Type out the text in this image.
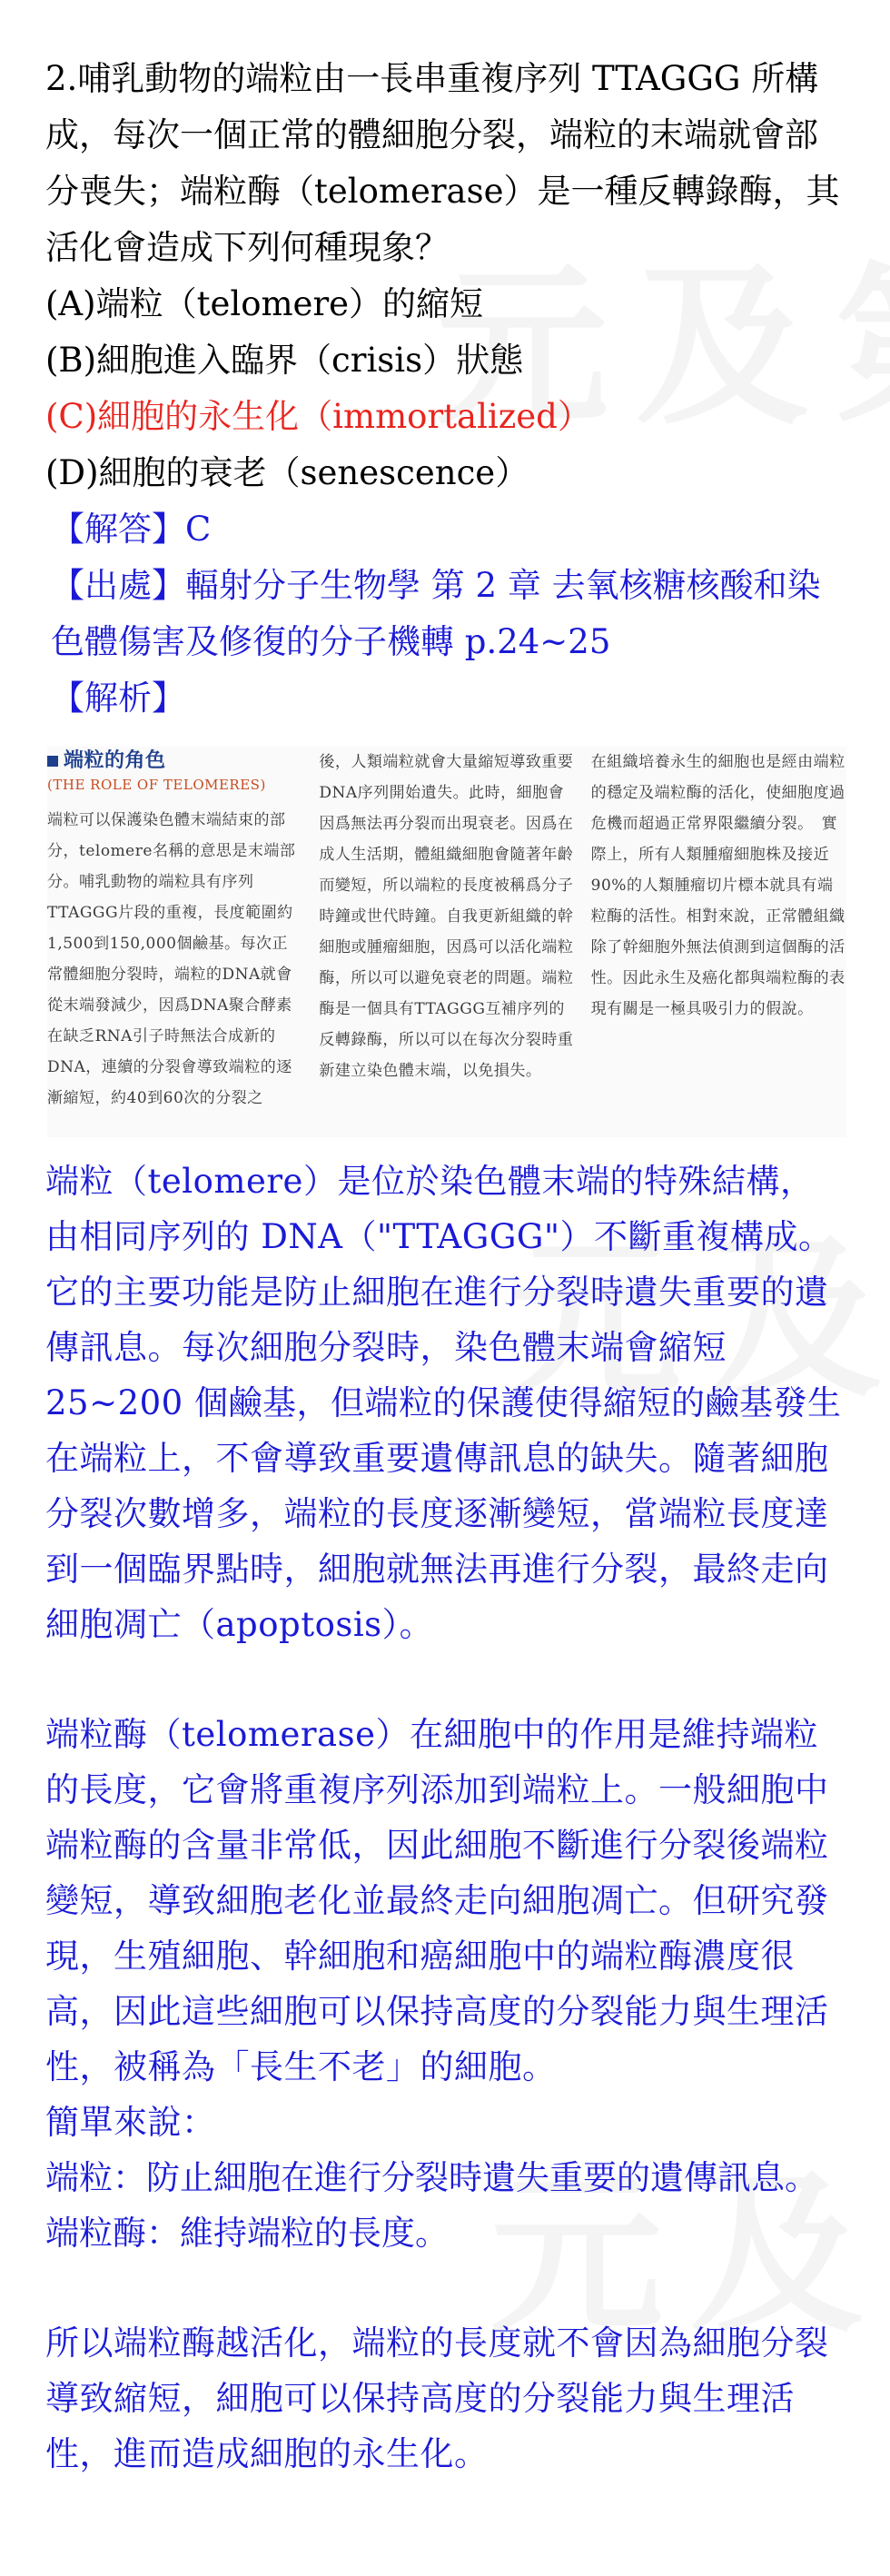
2.哺乳動物的端粒由一長串重複序列 TTAGGG 所構成，每次一個正常的體細胞分裂，端粒的末端就會部分喪失；端粒酶（telomerase）是一種反轉錄酶，其活化會造成下列何種現象？

(A)端粒（telomere）的縮短

(B)細胞進入臨界（crisis）狀態

(C)細胞的永生化（immortalized）

(D)細胞的衰老（senescence）

【解答】C

【出處】輻射分子生物學 第 2 章 去氧核糖核酸和染色體傷害及修復的分子機轉 p.24~25

【解析】

端粒的角色
(THE ROLE OF TELOMERES)
端粒可以保護染色體末端結束的部分，telomere名稱的意思是末端部分。哺乳動物的端粒具有序列TTAGGG片段的重複，長度範圍約1,500到150,000個鹼基。每次正常體細胞分裂時，端粒的DNA就會從末端發減少，因爲DNA聚合酵素在缺乏RNA引子時無法合成新的DNA，連續的分裂會導致端粒的逐漸縮短，約40到60次的分裂之
後，人類端粒就會大量縮短導致重要DNA序列開始遺失。此時，細胞會因爲無法再分裂而出現衰老。因爲在成人生活期，體組織細胞會隨著年齡而變短，所以端粒的長度被稱爲分子時鐘或世代時鐘。自我更新組織的幹細胞或腫瘤細胞，因爲可以活化端粒酶，所以可以避免衰老的問題。端粒酶是一個具有TTAGGG互補序列的反轉錄酶，所以可以在每次分裂時重新建立染色體末端，以免損失。
在組織培養永生的細胞也是經由端粒的穩定及端粒酶的活化，使細胞度過危機而超過正常界限繼續分裂。　實際上，所有人類腫瘤細胞株及接近90%的人類腫瘤切片標本就具有端粒酶的活性。相對來說，正常體組織除了幹細胞外無法偵測到這個酶的活性。因此永生及癌化都與端粒酶的表現有關是一極具吸引力的假說。

端粒（telomere）是位於染色體末端的特殊結構，由相同序列的 DNA（"TTAGGG"）不斷重複構成。它的主要功能是防止細胞在進行分裂時遺失重要的遺傳訊息。每次細胞分裂時，染色體末端會縮短 25~200 個鹼基，但端粒的保護使得縮短的鹼基發生在端粒上，不會導致重要遺傳訊息的缺失。隨著細胞分裂次數增多，端粒的長度逐漸變短，當端粒長度達到一個臨界點時，細胞就無法再進行分裂，最終走向細胞凋亡（apoptosis）。

端粒酶（telomerase）在細胞中的作用是維持端粒的長度，它會將重複序列添加到端粒上。一般細胞中端粒酶的含量非常低，因此細胞不斷進行分裂後端粒變短，導致細胞老化並最終走向細胞凋亡。但研究發現，生殖細胞、幹細胞和癌細胞中的端粒酶濃度很高，因此這些細胞可以保持高度的分裂能力與生理活性，被稱為「長生不老」的細胞。

簡單來說：

端粒： 防止細胞在進行分裂時遺失重要的遺傳訊息。
端粒酶： 維持端粒的長度。

所以端粒酶越活化，端粒的長度就不會因為細胞分裂導致縮短，細胞可以保持高度的分裂能力與生理活性，進而造成細胞的永生化。
